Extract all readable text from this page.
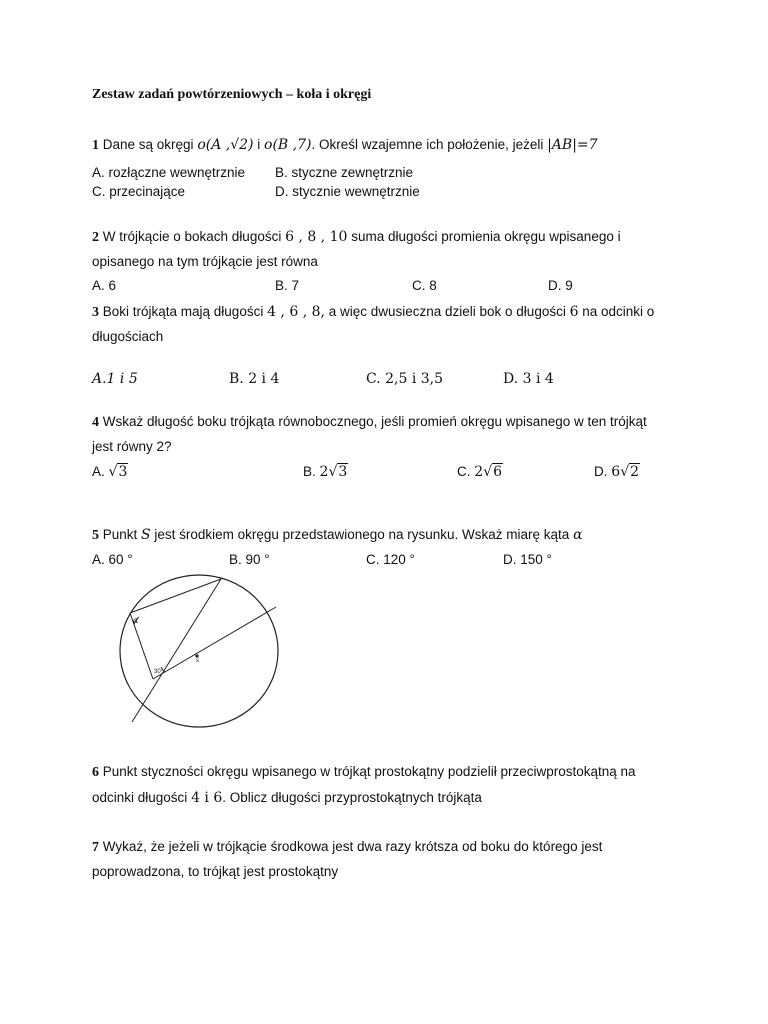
Zestaw zadań powtórzeniowych – koła i okręgi
1 Dane są okręgi o(A ,√2) i o(B ,7). Określ wzajemne ich położenie, jeżeli |AB|=7
A. rozłączne wewnętrznie B. styczne zewnętrznie
C. przecinające	D. stycznie wewnętrznie
2 W trójkącie o bokach długości 6 , 8 , 10 suma długości promienia okręgu wpisanego i
opisanego na tym trójkącie jest równa
A. 6	B. 7	C. 8	D. 9
3 Boki trójkąta mają długości 4 , 6 , 8, a więc dwusieczna dzieli bok o długości 6 na odcinki o
długościach
A.1 i 5	B. 2 i 4	C. 2,5 i 3,5	D. 3 i 4
4 Wskaż długość boku trójkąta równobocznego, jeśli promień okręgu wpisanego w ten trójkąt
jest równy 2?
A. √3	B. 2√3	C. 2√6	D. 6√2
5 Punkt S jest środkiem okręgu przedstawionego na rysunku. Wskaż miarę kąta α
A. 60 °	B. 90 °	C. 120 °	D. 150 °
α
30°
s
6 Punkt styczności okręgu wpisanego w trójkąt prostokątny podzielił przeciwprostokątną na
odcinki długości 4 i 6. Oblicz długości przyprostokątnych trójkąta
7 Wykaż, że jeżeli w trójkącie środkowa jest dwa razy krótsza od boku do którego jest
poprowadzona, to trójkąt jest prostokątny
